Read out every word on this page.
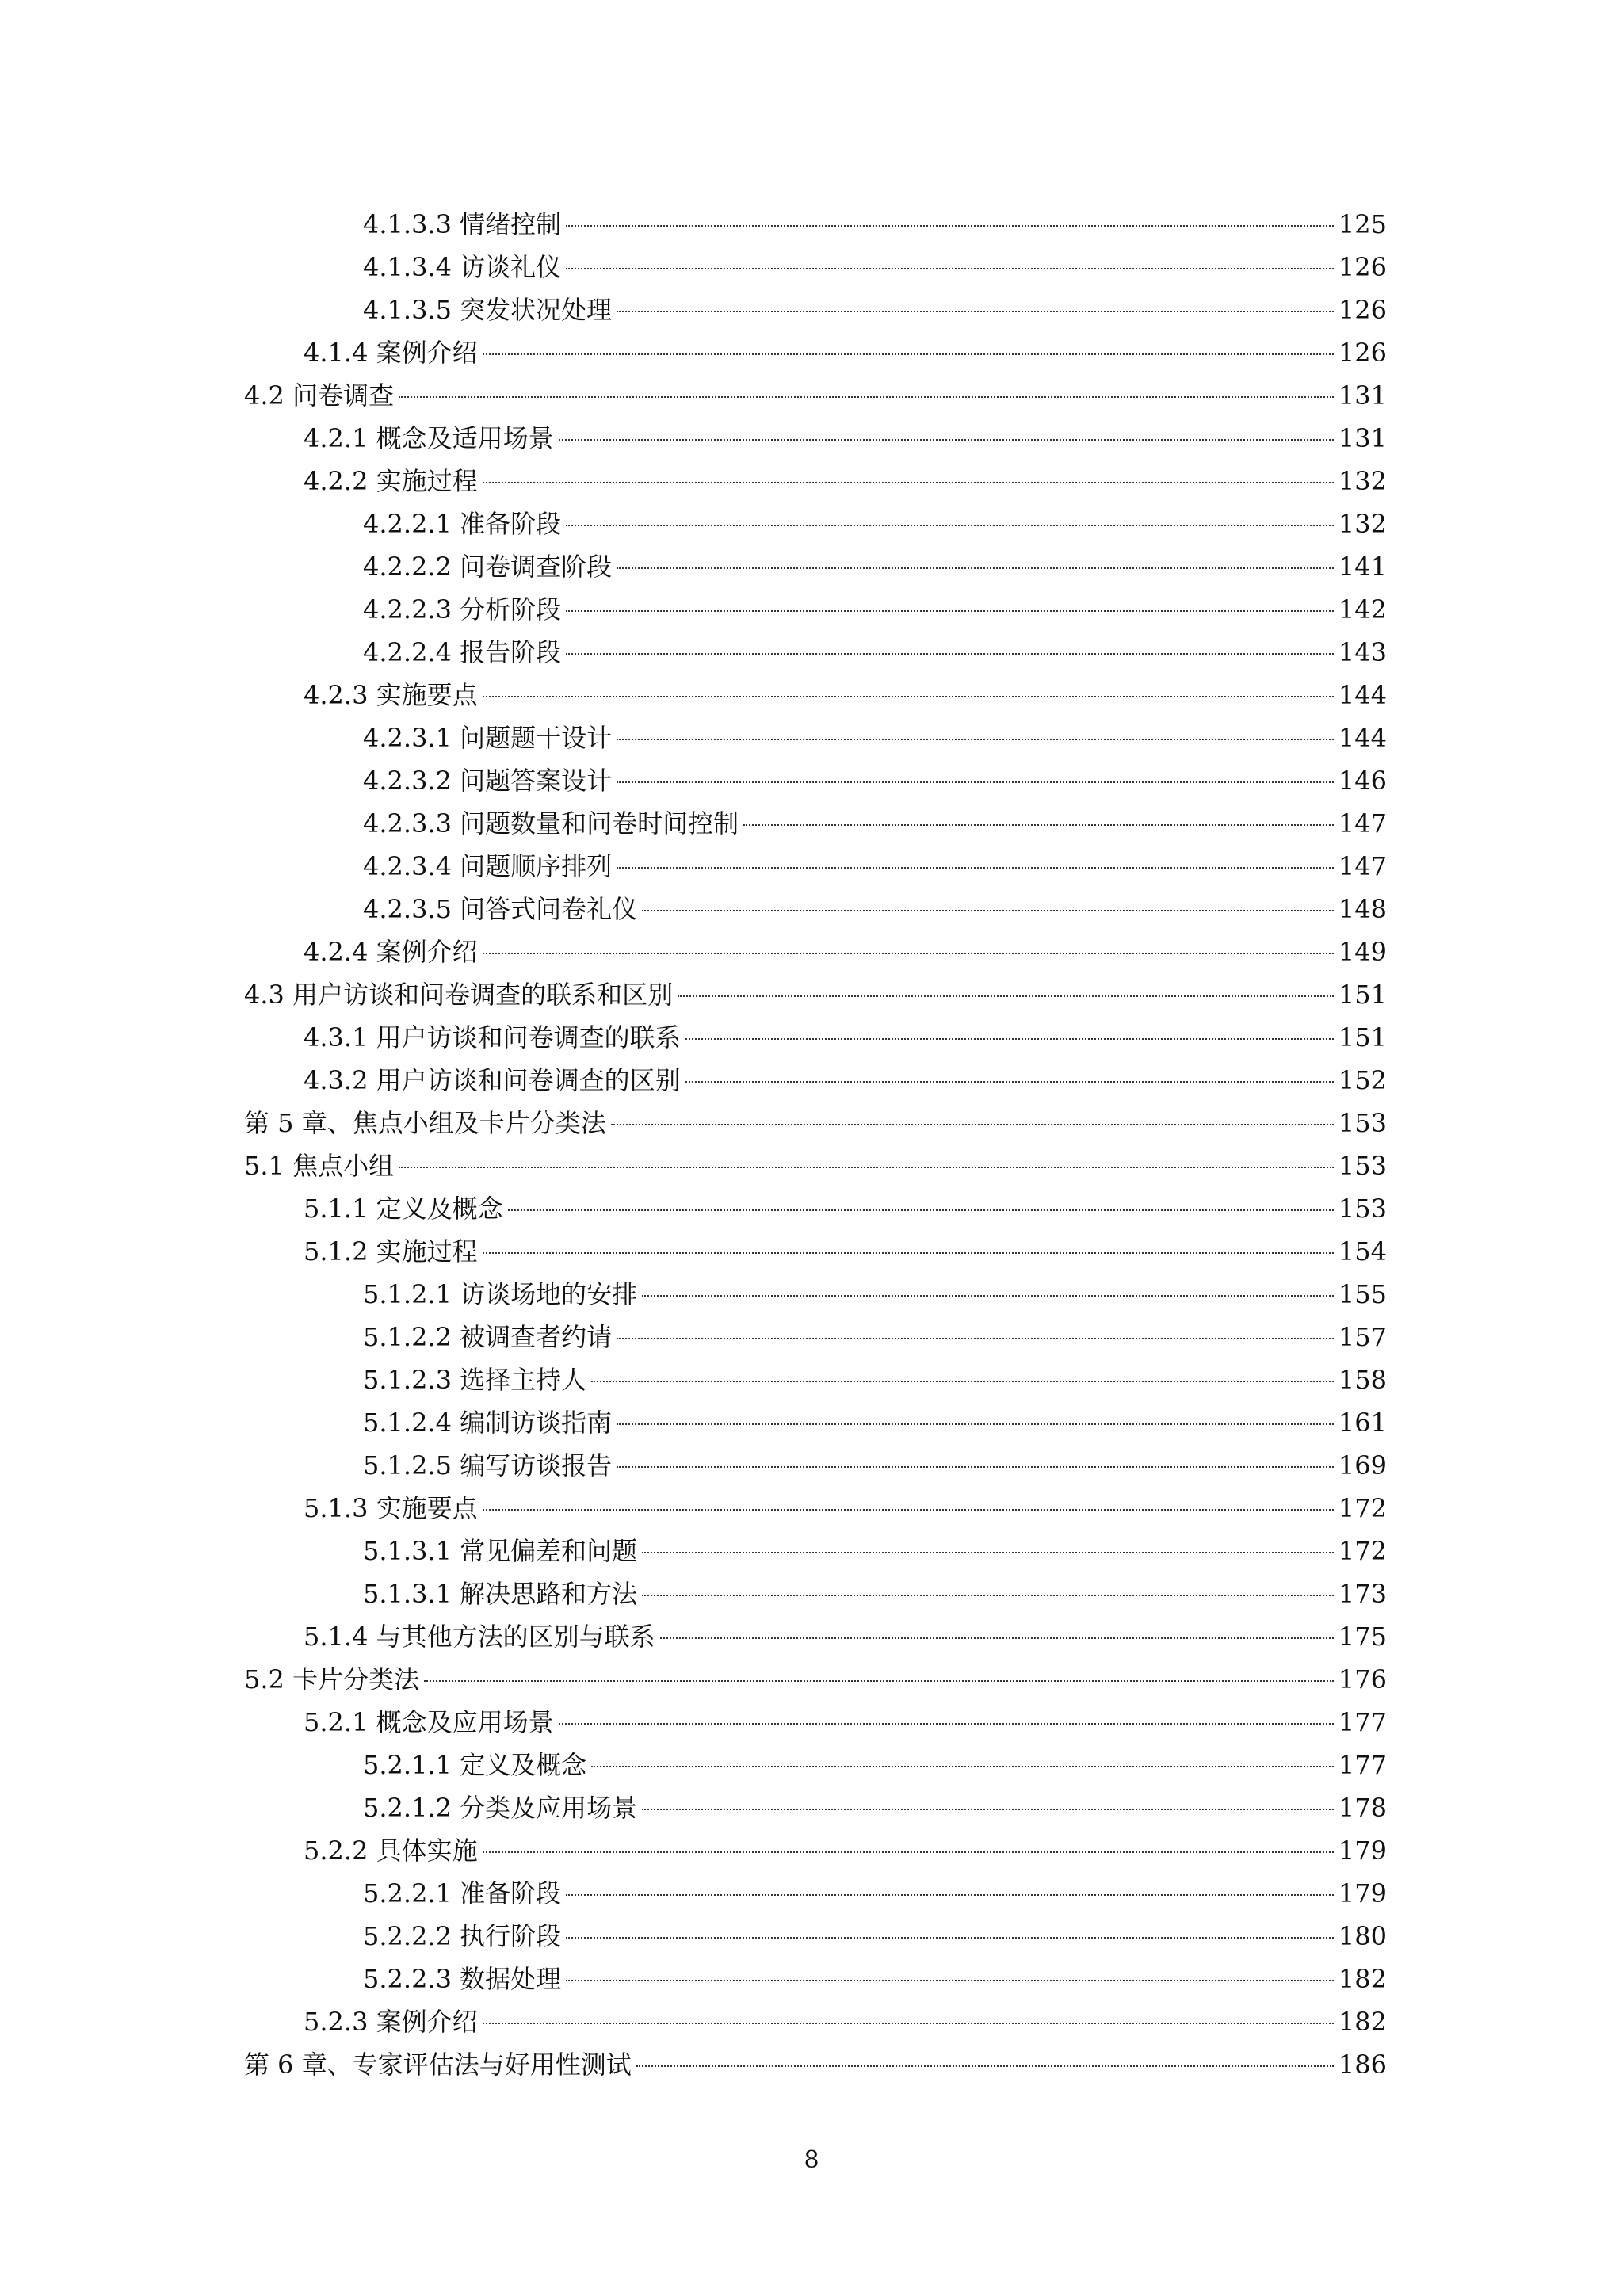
4.1.3.3 情绪控制	125
4.1.3.4 访谈礼仪	126
4.1.3.5 突发状况处理	126
4.1.4 案例介绍	126
4.2 问卷调查	131
4.2.1 概念及适用场景	131
4.2.2 实施过程	132
4.2.2.1 准备阶段	132
4.2.2.2 问卷调查阶段	141
4.2.2.3 分析阶段	142
4.2.2.4 报告阶段	143
4.2.3 实施要点	144
4.2.3.1 问题题干设计	144
4.2.3.2 问题答案设计	146
4.2.3.3 问题数量和问卷时间控制	147
4.2.3.4 问题顺序排列	147
4.2.3.5 问答式问卷礼仪	148
4.2.4 案例介绍	149
4.3 用户访谈和问卷调查的联系和区别	151
4.3.1 用户访谈和问卷调查的联系	151
4.3.2 用户访谈和问卷调查的区别	152
第 5 章、焦点小组及卡片分类法	153
5.1 焦点小组	153
5.1.1 定义及概念	153
5.1.2 实施过程	154
5.1.2.1 访谈场地的安排	155
5.1.2.2 被调查者约请	157
5.1.2.3 选择主持人	158
5.1.2.4 编制访谈指南	161
5.1.2.5 编写访谈报告	169
5.1.3 实施要点	172
5.1.3.1 常见偏差和问题	172
5.1.3.1 解决思路和方法	173
5.1.4 与其他方法的区别与联系	175
5.2 卡片分类法	176
5.2.1 概念及应用场景	177
5.2.1.1 定义及概念	177
5.2.1.2 分类及应用场景	178
5.2.2 具体实施	179
5.2.2.1 准备阶段	179
5.2.2.2 执行阶段	180
5.2.2.3 数据处理	182
5.2.3 案例介绍	182
第 6 章、专家评估法与好用性测试	186
8
